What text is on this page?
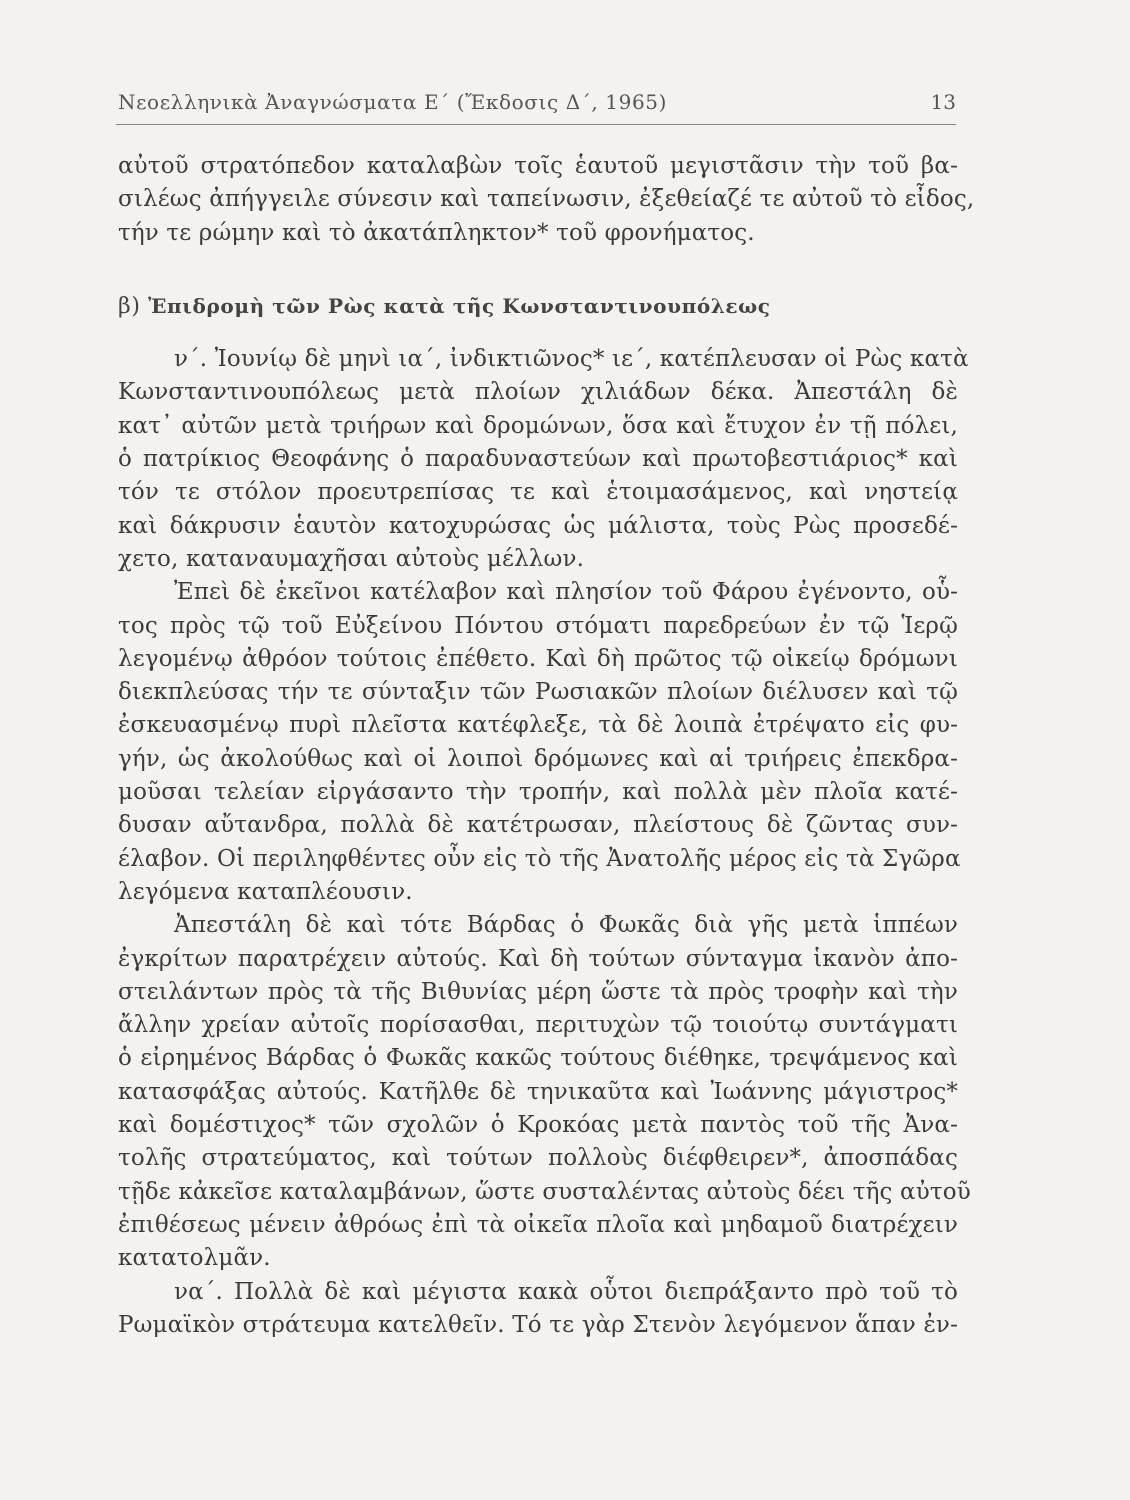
Νεοελληνικὰ Ἀναγνώσματα Ε΄ (Ἔκδοσις Δ΄, 1965)	13
αὐτοῦ στρατόπεδον καταλαβὼν τοῖς ἑαυτοῦ μεγιστᾶσιν τὴν τοῦ βα-
σιλέως ἀπήγγειλε σύνεσιν καὶ ταπείνωσιν, ἐξεθείαζέ τε αὐτοῦ τὸ εἶδος,
τήν τε ρώμην καὶ τὸ ἀκατάπληκτον* τοῦ φρονήματος.
β) Ἐπιδρομὴ τῶν Ρὼς κατὰ τῆς Κωνσταντινουπόλεως
ν΄. Ἰουνίῳ δὲ μηνὶ ια΄, ἰνδικτιῶνος* ιε΄, κατέπλευσαν οἱ Ρὼς κατὰ
Κωνσταντινουπόλεως μετὰ πλοίων χιλιάδων δέκα. Ἀπεστάλη δὲ
κατ᾽ αὐτῶν μετὰ τριήρων καὶ δρομώνων, ὅσα καὶ ἔτυχον ἐν τῇ πόλει,
ὁ πατρίκιος Θεοφάνης ὁ παραδυναστεύων καὶ πρωτοβεστιάριος* καὶ
τόν τε στόλον προευτρεπίσας τε καὶ ἑτοιμασάμενος, καὶ νηστείᾳ
καὶ δάκρυσιν ἑαυτὸν κατοχυρώσας ὡς μάλιστα, τοὺς Ρὼς προσεδέ-
χετο, καταναυμαχῆσαι αὐτοὺς μέλλων.
Ἐπεὶ δὲ ἐκεῖνοι κατέλαβον καὶ πλησίον τοῦ Φάρου ἐγένοντο, οὗ-
τος πρὸς τῷ τοῦ Εὐξείνου Πόντου στόματι παρεδρεύων ἐν τῷ Ἱερῷ
λεγομένῳ ἀθρόον τούτοις ἐπέθετο. Καὶ δὴ πρῶτος τῷ οἰκείῳ δρόμωνι
διεκπλεύσας τήν τε σύνταξιν τῶν Ρωσιακῶν πλοίων διέλυσεν καὶ τῷ
ἐσκευασμένῳ πυρὶ πλεῖστα κατέφλεξε, τὰ δὲ λοιπὰ ἐτρέψατο εἰς φυ-
γήν, ὡς ἀκολούθως καὶ οἱ λοιποὶ δρόμωνες καὶ αἱ τριήρεις ἐπεκδρα-
μοῦσαι τελείαν εἰργάσαντο τὴν τροπήν, καὶ πολλὰ μὲν πλοῖα κατέ-
δυσαν αὔτανδρα, πολλὰ δὲ κατέτρωσαν, πλείστους δὲ ζῶντας συν-
έλαβον. Οἱ περιληφθέντες οὖν εἰς τὸ τῆς Ἀνατολῆς μέρος εἰς τὰ Σγῶρα
λεγόμενα καταπλέουσιν.
Ἀπεστάλη δὲ καὶ τότε Βάρδας ὁ Φωκᾶς διὰ γῆς μετὰ ἱππέων
ἐγκρίτων παρατρέχειν αὐτούς. Καὶ δὴ τούτων σύνταγμα ἱκανὸν ἀπο-
στειλάντων πρὸς τὰ τῆς Βιθυνίας μέρη ὥστε τὰ πρὸς τροφὴν καὶ τὴν
ἄλλην χρείαν αὐτοῖς πορίσασθαι, περιτυχὼν τῷ τοιούτῳ συντάγματι
ὁ εἰρημένος Βάρδας ὁ Φωκᾶς κακῶς τούτους διέθηκε, τρεψάμενος καὶ
κατασφάξας αὐτούς. Κατῆλθε δὲ τηνικαῦτα καὶ Ἰωάννης μάγιστρος*
καὶ δομέστιχος* τῶν σχολῶν ὁ Κροκόας μετὰ παντὸς τοῦ τῆς Ἀνα-
τολῆς στρατεύματος, καὶ τούτων πολλοὺς διέφθειρεν*, ἀποσπάδας
τῇδε κἀκεῖσε καταλαμβάνων, ὥστε συσταλέντας αὐτοὺς δέει τῆς αὐτοῦ
ἐπιθέσεως μένειν ἀθρόως ἐπὶ τὰ οἰκεῖα πλοῖα καὶ μηδαμοῦ διατρέχειν
κατατολμᾶν.
να΄. Πολλὰ δὲ καὶ μέγιστα κακὰ οὗτοι διεπράξαντο πρὸ τοῦ τὸ
Ρωμαϊκὸν στράτευμα κατελθεῖν. Τό τε γὰρ Στενὸν λεγόμενον ἅπαν ἐν-
